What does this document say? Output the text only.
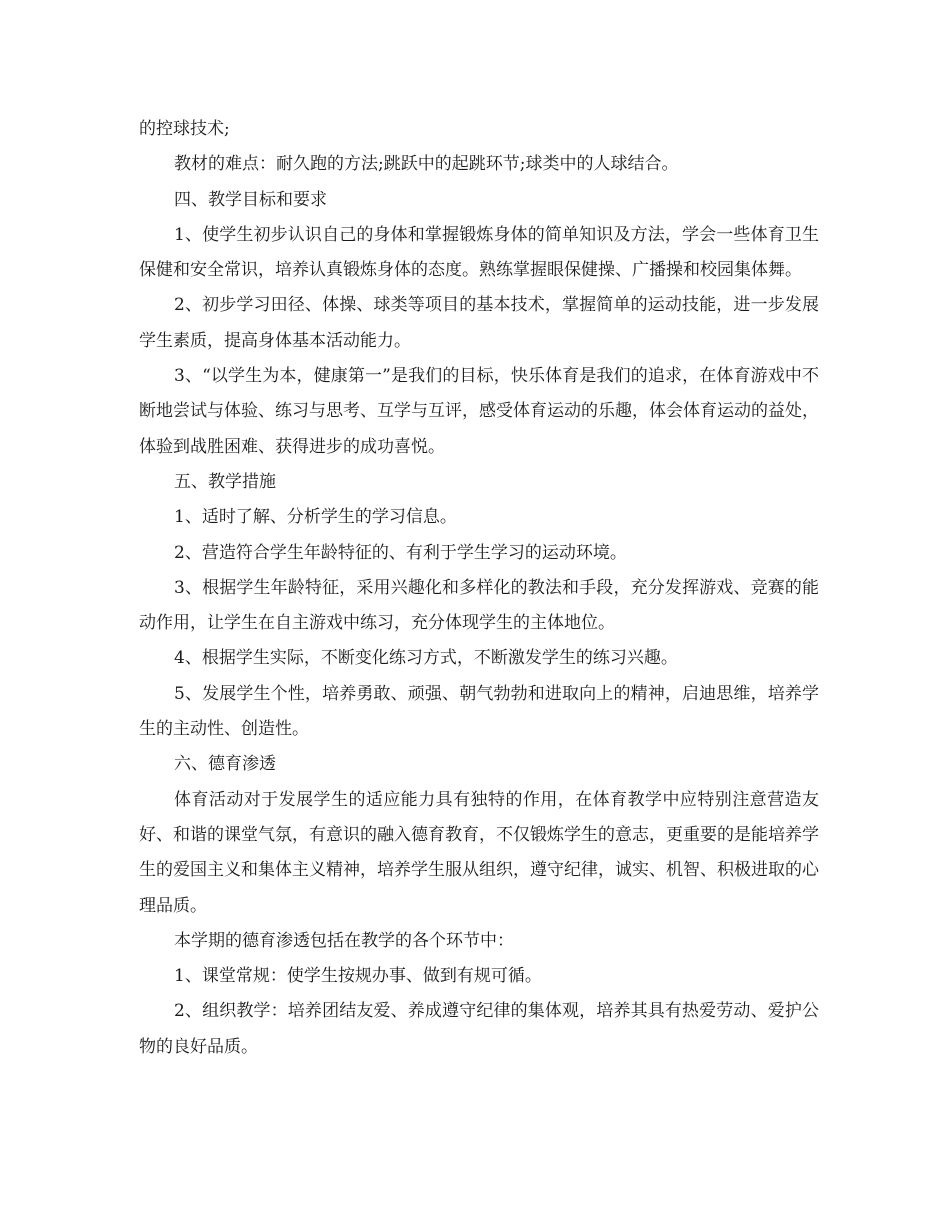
的控球技术;

教材的难点：耐久跑的方法;跳跃中的起跳环节;球类中的人球结合。

四、教学目标和要求

1、使学生初步认识自己的身体和掌握锻炼身体的简单知识及方法，学会一些体育卫生保健和安全常识，培养认真锻炼身体的态度。熟练掌握眼保健操、广播操和校园集体舞。

2、初步学习田径、体操、球类等项目的基本技术，掌握简单的运动技能，进一步发展学生素质，提高身体基本活动能力。

3、“以学生为本，健康第一”是我们的目标，快乐体育是我们的追求，在体育游戏中不断地尝试与体验、练习与思考、互学与互评，感受体育运动的乐趣，体会体育运动的益处，体验到战胜困难、获得进步的成功喜悦。

五、教学措施

1、适时了解、分析学生的学习信息。

2、营造符合学生年龄特征的、有利于学生学习的运动环境。

3、根据学生年龄特征，采用兴趣化和多样化的教法和手段，充分发挥游戏、竞赛的能动作用，让学生在自主游戏中练习，充分体现学生的主体地位。

4、根据学生实际，不断变化练习方式，不断激发学生的练习兴趣。

5、发展学生个性，培养勇敢、顽强、朝气勃勃和进取向上的精神，启迪思维，培养学生的主动性、创造性。

六、德育渗透

体育活动对于发展学生的适应能力具有独特的作用，在体育教学中应特别注意营造友好、和谐的课堂气氛，有意识的融入德育教育，不仅锻炼学生的意志，更重要的是能培养学生的爱国主义和集体主义精神，培养学生服从组织，遵守纪律，诚实、机智、积极进取的心理品质。

本学期的德育渗透包括在教学的各个环节中：

1、课堂常规：使学生按规办事、做到有规可循。

2、组织教学：培养团结友爱、养成遵守纪律的集体观，培养其具有热爱劳动、爱护公物的良好品质。
